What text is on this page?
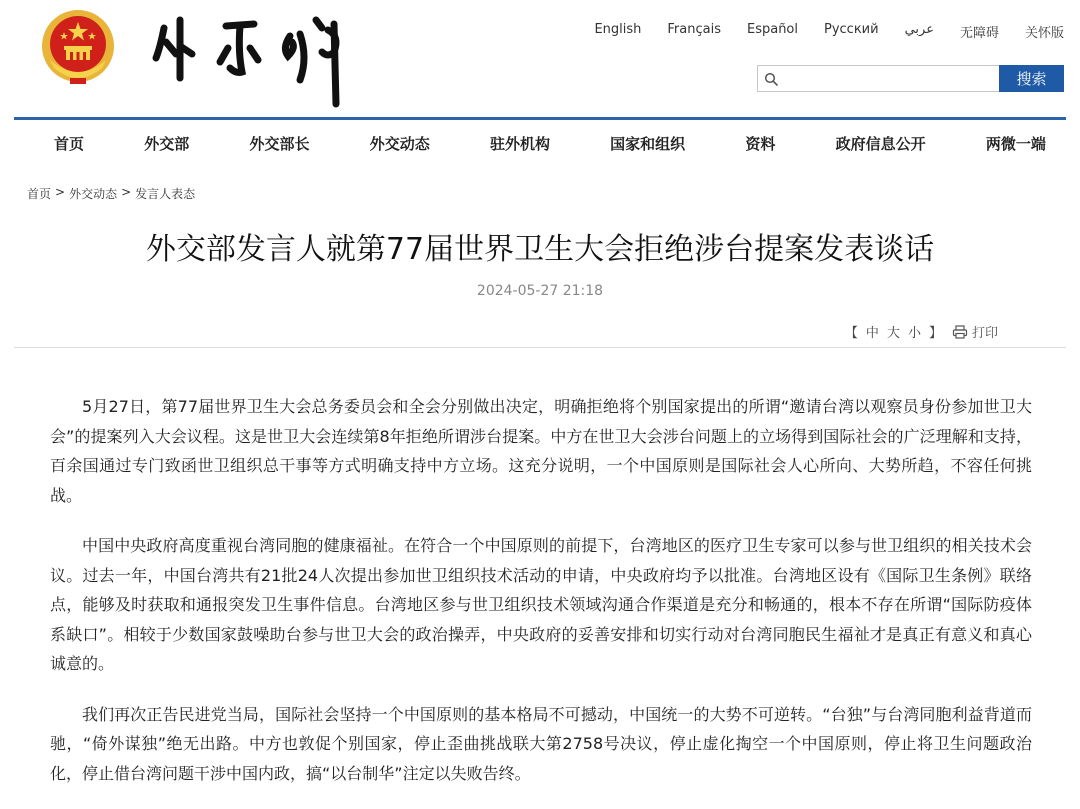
English Français Español Русский عربي 无障碍 关怀版
搜索
首页	外交部	外交部长	外交动态	驻外机构	国家和组织	资料	政府信息公开	两微一端
首页 > 外交动态 > 发言人表态
外交部发言人就第77届世界卫生大会拒绝涉台提案发表谈话
2024-05-27 21:18
【 中 大 小 】 打印

5月27日，第77届世界卫生大会总务委员会和全会分别做出决定，明确拒绝将个别国家提出的所谓“邀请台湾以观察员身份参加世卫大会”的提案列入大会议程。这是世卫大会连续第8年拒绝所谓涉台提案。中方在世卫大会涉台问题上的立场得到国际社会的广泛理解和支持，百余国通过专门致函世卫组织总干事等方式明确支持中方立场。这充分说明，一个中国原则是国际社会人心所向、大势所趋，不容任何挑战。

中国中央政府高度重视台湾同胞的健康福祉。在符合一个中国原则的前提下，台湾地区的医疗卫生专家可以参与世卫组织的相关技术会议。过去一年，中国台湾共有21批24人次提出参加世卫组织技术活动的申请，中央政府均予以批准。台湾地区设有《国际卫生条例》联络点，能够及时获取和通报突发卫生事件信息。台湾地区参与世卫组织技术领域沟通合作渠道是充分和畅通的，根本不存在所谓“国际防疫体系缺口”。相较于少数国家鼓噪助台参与世卫大会的政治操弄，中央政府的妥善安排和切实行动对台湾同胞民生福祉才是真正有意义和真心诚意的。

我们再次正告民进党当局，国际社会坚持一个中国原则的基本格局不可撼动，中国统一的大势不可逆转。“台独”与台湾同胞利益背道而驰，“倚外谋独”绝无出路。中方也敦促个别国家，停止歪曲挑战联大第2758号决议，停止虚化掏空一个中国原则，停止将卫生问题政治化，停止借台湾问题干涉中国内政，搞“以台制华”注定以失败告终。
